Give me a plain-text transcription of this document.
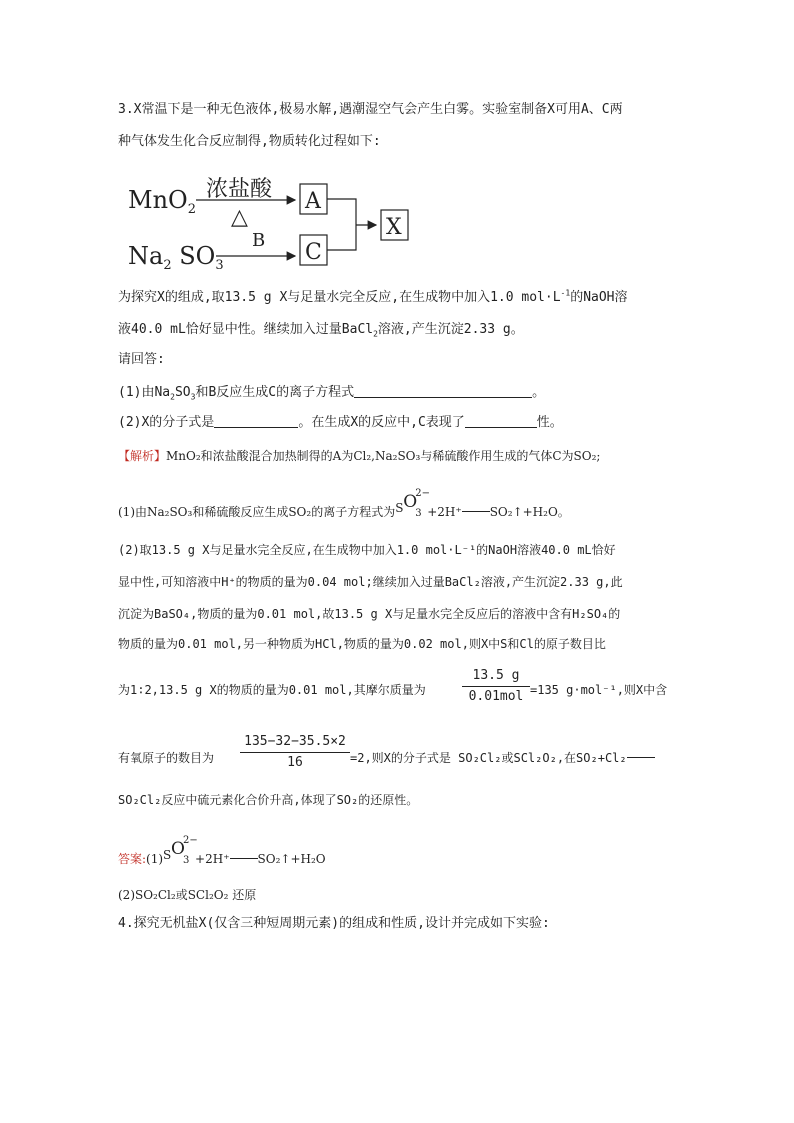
3.X常温下是一种无色液体,极易水解,遇潮湿空气会产生白雾。实验室制备X可用A、C两
种气体发生化合反应制得,物质转化过程如下:
MnO$_2$
浓盐酸
△
A
$Na_2$ $SO_3$
B C
X
为探究X的组成,取13.5 g X与足量水完全反应,在生成物中加入1.0 $mol\cdot L^{-1}$的NaOH溶
液40.0 mL恰好显中性。继续加入过量BaCl$_2$溶液,产生沉淀2.33 g。
请回答:
(1)由$Na_2SO_3$和B反应生成C的离子方程式	。
(2)X的分子式是	。在生成X的反应中,C表现了	性。
【解析】MnO₂和浓盐酸混合加热制得的A为Cl₂,Na₂SO₃与稀硫酸作用生成的气体C为SO₂;
(1)由Na₂SO₃和稀硫酸反应生成SO₂的离子方程式为 S O
2−
3 +2H⁺ SO₂↑+H₂O。
(2)取13.5 g X与足量水完全反应,在生成物中加入1.0 mol·L⁻¹的NaOH溶液40.0 mL恰好
显中性,可知溶液中H⁺的物质的量为0.04 mol;继续加入过量BaCl₂溶液,产生沉淀2.33 g,此
沉淀为BaSO₄,物质的量为0.01 mol,故13.5 g X与足量水完全反应后的溶液中含有H₂SO₄的
物质的量为0.01 mol,另一种物质为HCl,物质的量为0.02 mol,则X中S和Cl的原子数目比
为1∶2,13.5 g X的物质的量为0.01 mol,其摩尔质量为
13.5 g
0.01mol =135 g·mol⁻¹,则X中含
有氧原子的数目为
135−32−35.5×2
16	=2,则X的分子式是 SO₂Cl₂或SCl₂O₂,在SO₂+Cl₂
SO₂Cl₂反应中硫元素化合价升高,体现了SO₂的还原性。
答案:(1) S O
2−
3 +2H⁺ SO₂↑+H₂O
(2)SO₂Cl₂或SCl₂O₂ 还原
4.探究无机盐X(仅含三种短周期元素)的组成和性质,设计并完成如下实验:
